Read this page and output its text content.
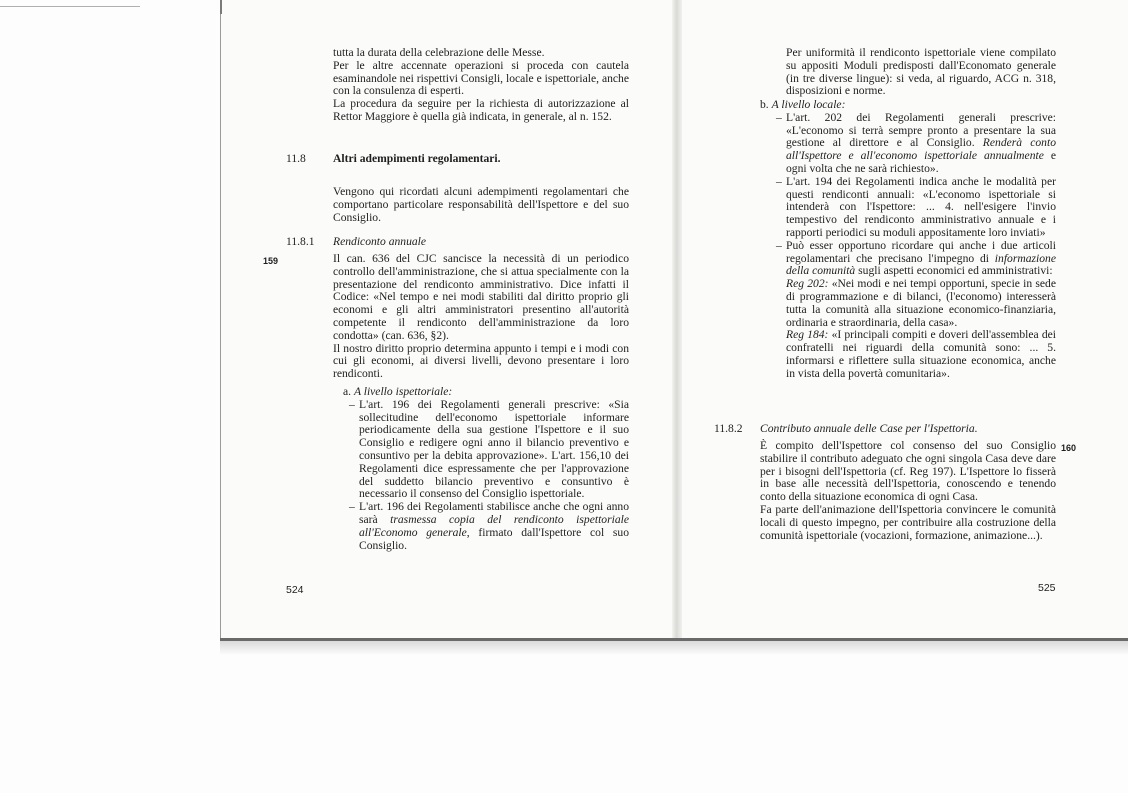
tutta la durata della celebrazione delle Messe.

Per le altre accennate operazioni si proceda con cautela esaminandole nei rispettivi Consigli, locale e ispettoriale, anche con la consulenza di esperti.

La procedura da seguire per la richiesta di autorizzazione al Rettor Maggiore è quella già indicata, in generale, al n. 152.

11.8 Altri adempimenti regolamentari.
Vengono qui ricordati alcuni adempimenti regolamentari che comportano particolare responsabilità dell'Ispettore e del suo Consiglio.
11.8.1 Rendiconto annuale
159	Il can. 636 del CJC sancisce la necessità di un periodico controllo dell'amministrazione, che si attua specialmente con la presentazione del rendiconto amministrativo. Dice infatti il Codice: «Nel tempo e nei modi stabiliti dal diritto proprio gli economi e gli altri amministratori presentino all'autorità competente il rendiconto dell'amministrazione da loro condotta» (can. 636, §2).

Il nostro diritto proprio determina appunto i tempi e i modi con cui gli economi, ai diversi livelli, devono presentare i loro rendiconti.

a. A livello ispettoriale:

– L'art. 196 dei Regolamenti generali prescrive: «Sia sollecitudine dell'economo ispettoriale informare periodicamente della sua gestione l'Ispettore e il suo Consiglio e redigere ogni anno il bilancio preventivo e consuntivo per la debita approvazione». L'art. 156,10 dei Regolamenti dice espressamente che per l'approvazione del suddetto bilancio preventivo e consuntivo è necessario il consenso del Consiglio ispettoriale.

– L'art. 196 dei Regolamenti stabilisce anche che ogni anno sarà trasmessa copia del rendiconto ispettoriale all'Economo generale, firmato dall'Ispettore col suo Consiglio.

524
Per uniformità il rendiconto ispettoriale viene compilato su appositi Moduli predisposti dall'Economato generale (in tre diverse lingue): si veda, al riguardo, ACG n. 318, disposizioni e norme.

b. A livello locale:

– L'art. 202 dei Regolamenti generali prescrive: «L'economo si terrà sempre pronto a presentare la sua gestione al direttore e al Consiglio. Renderà conto all'Ispettore e all'economo ispettoriale annualmente e ogni volta che ne sarà richiesto».

– L'art. 194 dei Regolamenti indica anche le modalità per questi rendiconti annuali: «L'economo ispettoriale si intenderà con l'Ispettore: ... 4. nell'esigere l'invio tempestivo del rendiconto amministrativo annuale e i rapporti periodici su moduli appositamente loro inviati»

– Può esser opportuno ricordare qui anche i due articoli regolamentari che precisano l'impegno di informazione della comunità sugli aspetti economici ed amministrativi:

Reg 202: «Nei modi e nei tempi opportuni, specie in sede di programmazione e di bilanci, (l'economo) interesserà tutta la comunità alla situazione economico-finanziaria, ordinaria e straordinaria, della casa».

Reg 184: «I principali compiti e doveri dell'assemblea dei confratelli nei riguardi della comunità sono: ... 5. informarsi e riflettere sulla situazione economica, anche in vista della povertà comunitaria».

11.8.2 Contributo annuale delle Case per l'Ispettoria.
160

È compito dell'Ispettore col consenso del suo Consiglio stabilire il contributo adeguato che ogni singola Casa deve dare per i bisogni dell'Ispettoria (cf. Reg 197). L'Ispettore lo fisserà in base alle necessità dell'Ispettoria, conoscendo e tenendo conto della situazione economica di ogni Casa.

Fa parte dell'animazione dell'Ispettoria convincere le comunità locali di questo impegno, per contribuire alla costruzione della comunità ispettoriale (vocazioni, formazione, animazione...).

525
